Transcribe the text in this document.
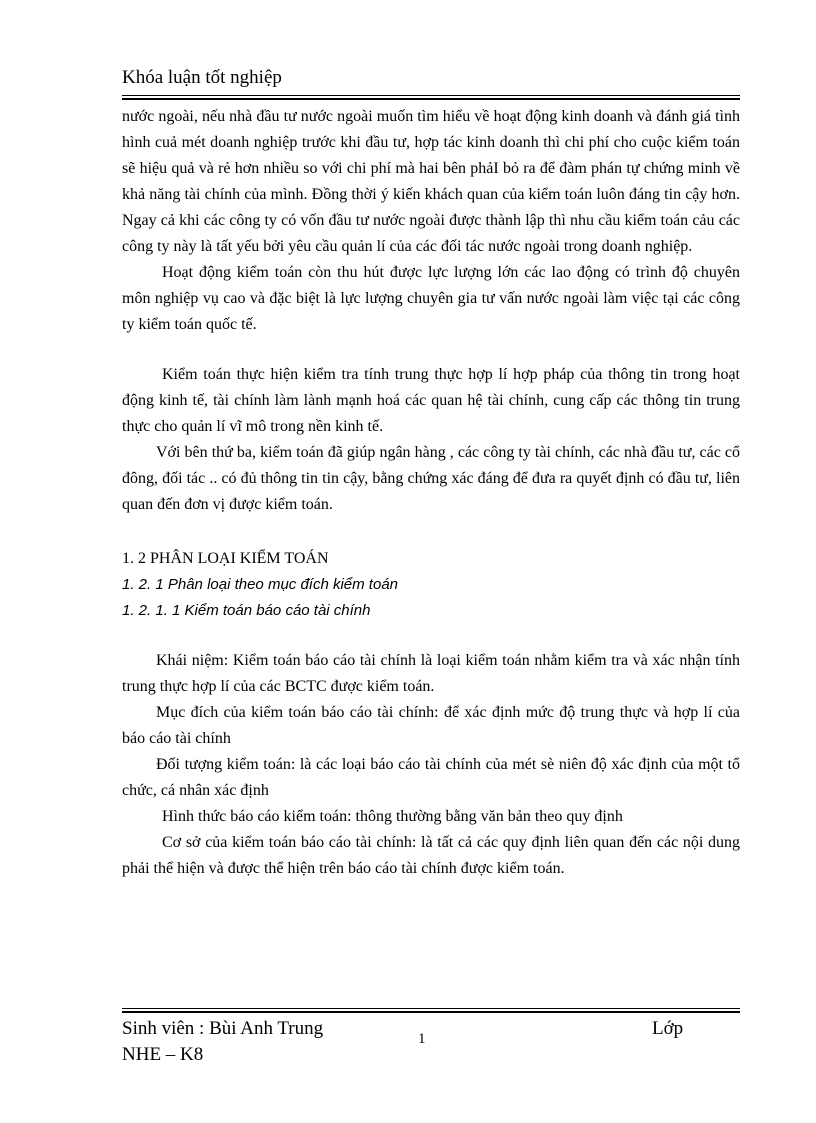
Khóa luận tốt nghiệp

nước ngoài, nếu nhà đầu tư nước ngoài muốn tìm hiểu về hoạt động kinh doanh và đánh giá tình hình cuả mét doanh nghiệp trước khi đầu tư, hợp tác kinh doanh thì chi phí cho cuộc kiểm toán sẽ hiệu quả và rẻ hơn nhiều so với chi phí mà hai bên phảI bỏ ra để đàm phán tự chứng minh về khả năng tài chính của mình. Đồng thời ý kiến khách quan của kiểm toán luôn đáng tin cậy hơn. Ngay cả khi các công ty có vốn đầu tư nước ngoài được thành lập thì nhu cầu kiểm toán cảu các công ty này là tất yếu bởi yêu cầu quản lí của các đối tác nước ngoài trong doanh nghiệp.

Hoạt động kiểm toán còn thu hút được lực lượng lớn các lao động có trình độ chuyên môn nghiệp vụ cao và đặc biệt là lực lượng chuyên gia tư vấn nước ngoài làm việc tại các công ty kiểm toán quốc tế.

Kiểm toán thực hiện kiểm tra tính trung thực hợp lí hợp pháp của thông tin trong hoạt động kinh tế, tài chính làm lành mạnh hoá các quan hệ tài chính, cung cấp các thông tin trung thực cho quản lí vĩ mô trong nền kinh tế.

Với bên thứ ba, kiểm toán đã giúp ngân hàng , các công ty tài chính, các nhà đầu tư, các cổ đông, đối tác .. có đủ thông tin tin cậy, bằng chứng xác đáng để đưa ra quyết định có đầu tư, liên quan đến đơn vị được kiểm toán.

1. 2 PHÂN LOẠI KIỂM TOÁN

1. 2. 1 Phân loại theo mục đích kiểm toán

1. 2. 1. 1 Kiểm toán báo cáo tài chính

Khái niệm: Kiểm toán báo cáo tài chính là loại kiểm toán nhằm kiểm tra và xác nhận tính trung thực hợp lí của các BCTC được kiểm toán.

Mục đích của kiểm toán báo cáo tài chính: để xác định mức độ trung thực và hợp lí của báo cáo tài chính

Đối tượng kiểm toán: là các loại báo cáo tài chính của mét sè niên độ xác định của một tổ chức, cá nhân xác định

Hình thức báo cáo kiểm toán: thông thường bằng văn bản theo quy định

Cơ sở của kiểm toán báo cáo tài chính: là tất cả các quy định liên quan đến các nội dung phải thể hiện và được thể hiện trên báo cáo tài chính được kiểm toán.

Sinh viên : Bùi Anh Trung	1	Lớp
NHE – K8
